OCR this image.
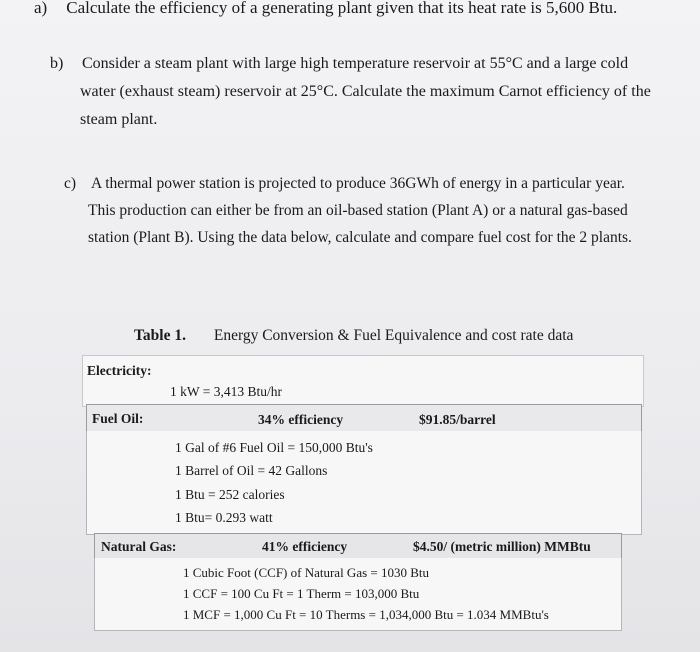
a) Calculate the efficiency of a generating plant given that its heat rate is 5,600 Btu.
b) Consider a steam plant with large high temperature reservoir at 55°C and a large cold
water (exhaust steam) reservoir at 25°C. Calculate the maximum Carnot efficiency of the
steam plant.
c) A thermal power station is projected to produce 36GWh of energy in a particular year.
This production can either be from an oil-based station (Plant A) or a natural gas-based
station (Plant B). Using the data below, calculate and compare fuel cost for the 2 plants.
Table 1. Energy Conversion & Fuel Equivalence and cost rate data
Electricity:
1 kW = 3,413 Btu/hr
Fuel Oil:	34% efficiency	$91.85/barrel
1 Gal of #6 Fuel Oil = 150,000 Btu's
1 Barrel of Oil = 42 Gallons
1 Btu = 252 calories
1 Btu= 0.293 watt
Natural Gas:	41% efficiency	$4.50/ (metric million) MMBtu
1 Cubic Foot (CCF) of Natural Gas = 1030 Btu
1 CCF = 100 Cu Ft = 1 Therm = 103,000 Btu
1 MCF = 1,000 Cu Ft = 10 Therms = 1,034,000 Btu = 1.034 MMBtu's
